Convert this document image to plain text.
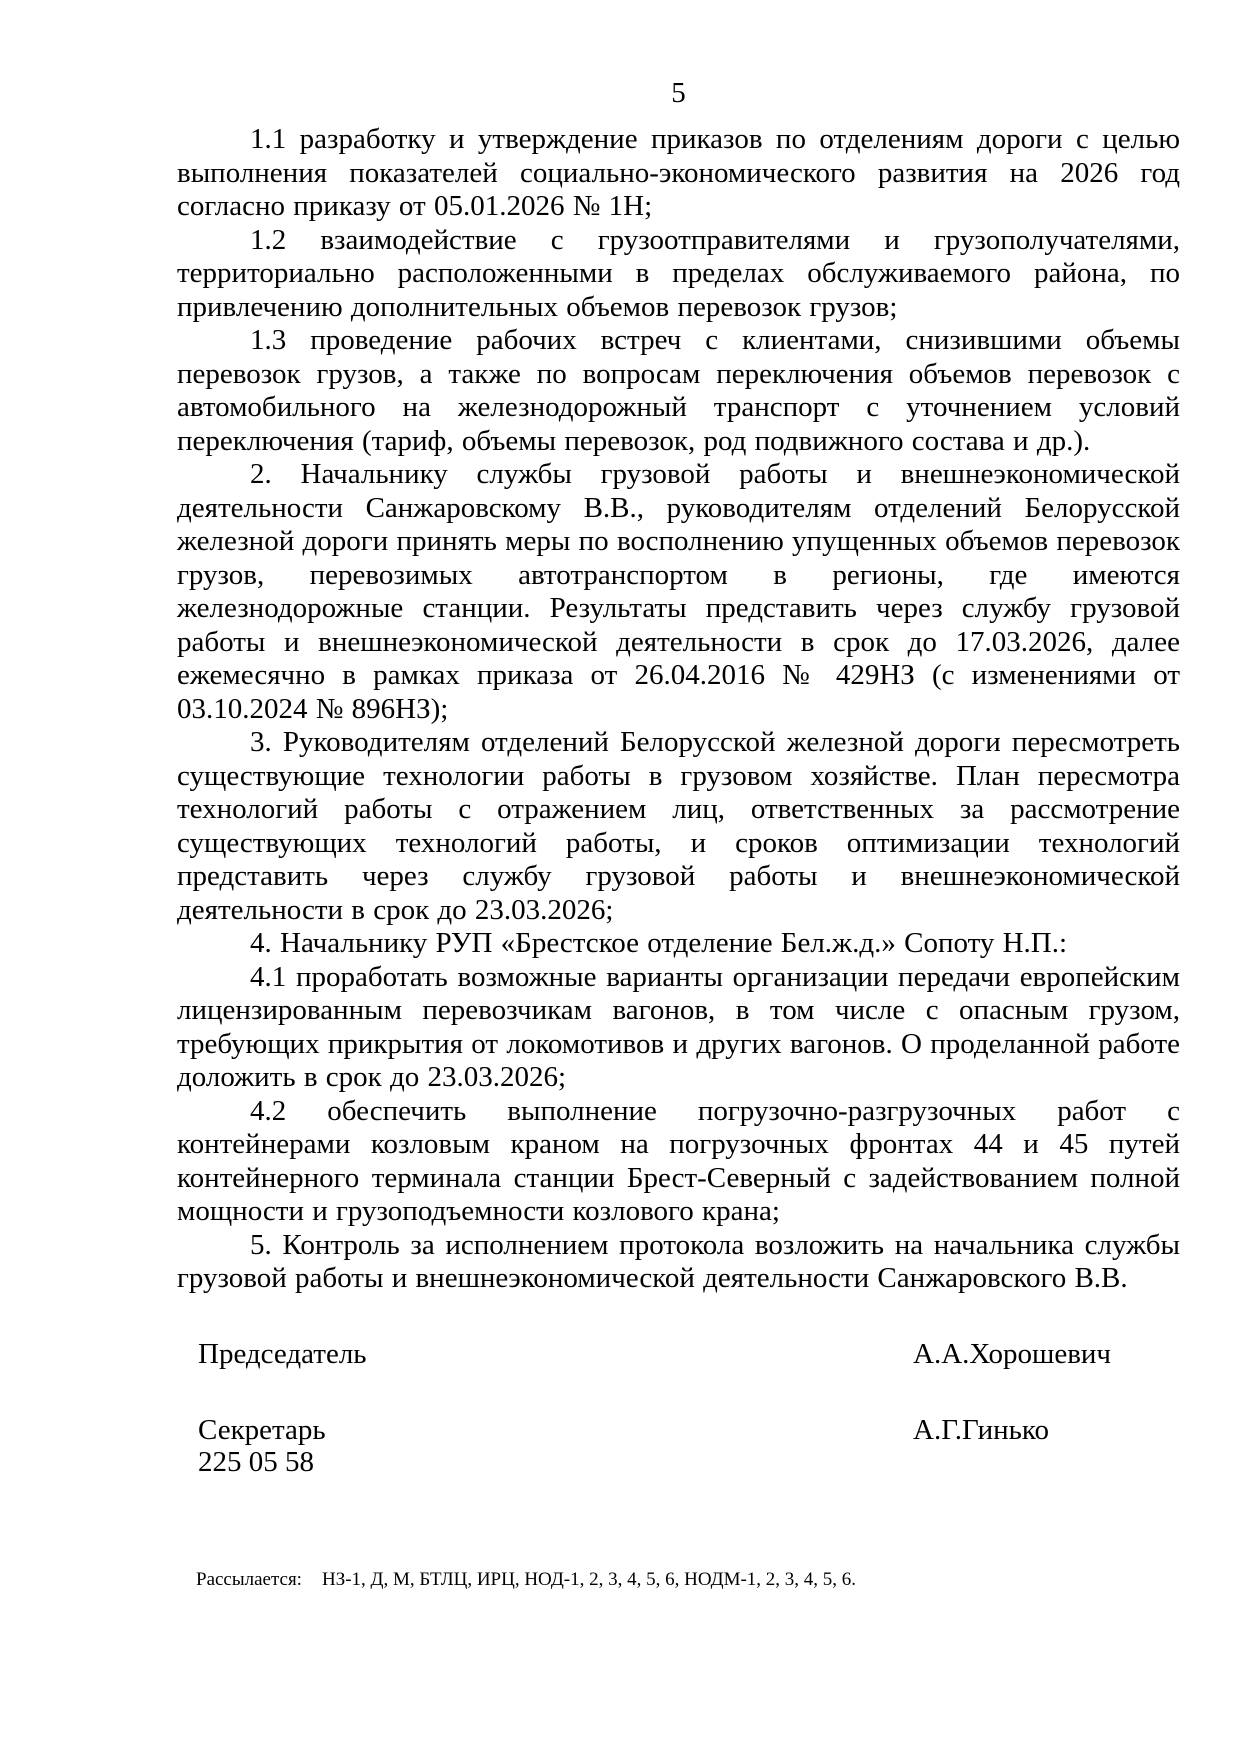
5

1.1 разработку и утверждение приказов по отделениям дороги с целью выполнения показателей социально-экономического развития на 2026 год согласно приказу от 05.01.2026 № 1Н;

1.2 взаимодействие с грузоотправителями и грузополучателями, территориально расположенными в пределах обслуживаемого района, по привлечению дополнительных объемов перевозок грузов;

1.3 проведение рабочих встреч с клиентами, снизившими объемы перевозок грузов, а также по вопросам переключения объемов перевозок с автомобильного на железнодорожный транспорт с уточнением условий переключения (тариф, объемы перевозок, род подвижного состава и др.).

2. Начальнику службы грузовой работы и внешнеэкономической деятельности Санжаровскому В.В., руководителям отделений Белорусской железной дороги принять меры по восполнению упущенных объемов перевозок грузов, перевозимых автотранспортом в регионы, где имеются железнодорожные станции. Результаты представить через службу грузовой работы и внешнеэкономической деятельности в срок до 17.03.2026, далее ежемесячно в рамках приказа от 26.04.2016 № 429НЗ (с изменениями от 03.10.2024 № 896НЗ);

3. Руководителям отделений Белорусской железной дороги пересмотреть существующие технологии работы в грузовом хозяйстве. План пересмотра технологий работы с отражением лиц, ответственных за рассмотрение существующих технологий работы, и сроков оптимизации технологий представить через службу грузовой работы и внешнеэкономической деятельности в срок до 23.03.2026;

4. Начальнику РУП «Брестское отделение Бел.ж.д.» Сопоту Н.П.:

4.1 проработать возможные варианты организации передачи европейским лицензированным перевозчикам вагонов, в том числе с опасным грузом, требующих прикрытия от локомотивов и других вагонов. О проделанной работе доложить в срок до 23.03.2026;

4.2 обеспечить выполнение погрузочно-разгрузочных работ с контейнерами козловым краном на погрузочных фронтах 44 и 45 путей контейнерного терминала станции Брест-Северный с задействованием полной мощности и грузоподъемности козлового крана;

5. Контроль за исполнением протокола возложить на начальника службы грузовой работы и внешнеэкономической деятельности Санжаровского В.В.

Председатель	А.А.Хорошевич
Секретарь	А.Г.Гинько
225 05 58
Рассылается: НЗ-1, Д, М, БТЛЦ, ИРЦ, НОД-1, 2, 3, 4, 5, 6, НОДМ-1, 2, 3, 4, 5, 6.
